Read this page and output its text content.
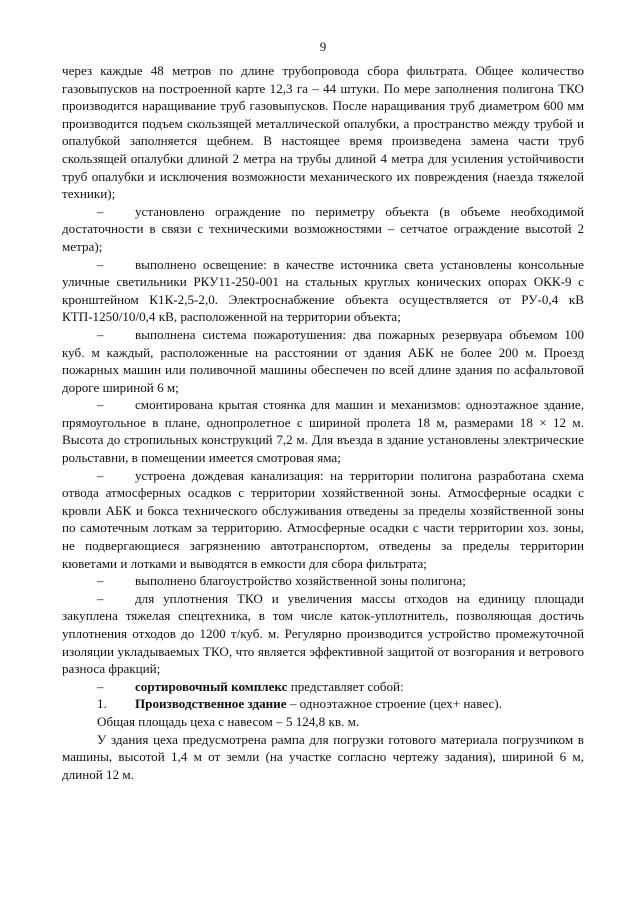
9

через каждые 48 метров по длине трубопровода сбора фильтрата. Общее количество газовыпусков на построенной карте 12,3 га – 44 штуки. По мере заполнения полигона ТКО производится наращивание труб газовыпусков. После наращивания труб диаметром 600 мм производится подъем скользящей металлической опалубки, а пространство между трубой и опалубкой заполняется щебнем. В настоящее время произведена замена части труб скользящей опалубки длиной 2 метра на трубы длиной 4 метра для усиления устойчивости труб опалубки и исключения возможности механического их повреждения (наезда тяжелой техники);

– установлено ограждение по периметру объекта (в объеме необходимой достаточности в связи с техническими возможностями – сетчатое ограждение высотой 2 метра);

– выполнено освещение: в качестве источника света установлены консольные уличные светильники РКУ11-250-001 на стальных круглых конических опорах ОКК-9 с кронштейном К1К-2,5-2,0. Электроснабжение объекта осуществляется от РУ-0,4 кВ КТП-1250/10/0,4 кВ, расположенной на территории объекта;

– выполнена система пожаротушения: два пожарных резервуара объемом 100 куб. м каждый, расположенные на расстоянии от здания АБК не более 200 м. Проезд пожарных машин или поливочной машины обеспечен по всей длине здания по асфальтовой дороге шириной 6 м;

– смонтирована крытая стоянка для машин и механизмов: одноэтажное здание, прямоугольное в плане, однопролетное с шириной пролета 18 м, размерами 18 × 12 м. Высота до стропильных конструкций 7,2 м. Для въезда в здание установлены электрические рольставни, в помещении имеется смотровая яма;

– устроена дождевая канализация: на территории полигона разработана схема отвода атмосферных осадков с территории хозяйственной зоны. Атмосферные осадки с кровли АБК и бокса технического обслуживания отведены за пределы хозяйственной зоны по самотечным лоткам за территорию. Атмосферные осадки с части территории хоз. зоны, не подвергающиеся загрязнению автотранспортом, отведены за пределы территории кюветами и лотками и выводятся в емкости для сбора фильтрата;

– выполнено благоустройство хозяйственной зоны полигона;

– для уплотнения ТКО и увеличения массы отходов на единицу площади закуплена тяжелая спецтехника, в том числе каток-уплотнитель, позволяющая достичь уплотнения отходов до 1200 т/куб. м. Регулярно производится устройство промежуточной изоляции укладываемых ТКО, что является эффективной защитой от возгорания и ветрового разноса фракций;

– сортировочный комплекс представляет собой:

1. Производственное здание – одноэтажное строение (цех+ навес).

Общая площадь цеха с навесом – 5 124,8 кв. м.

У здания цеха предусмотрена рампа для погрузки готового материала погрузчиком в машины, высотой 1,4 м от земли (на участке согласно чертежу задания), шириной 6 м, длиной 12 м.
